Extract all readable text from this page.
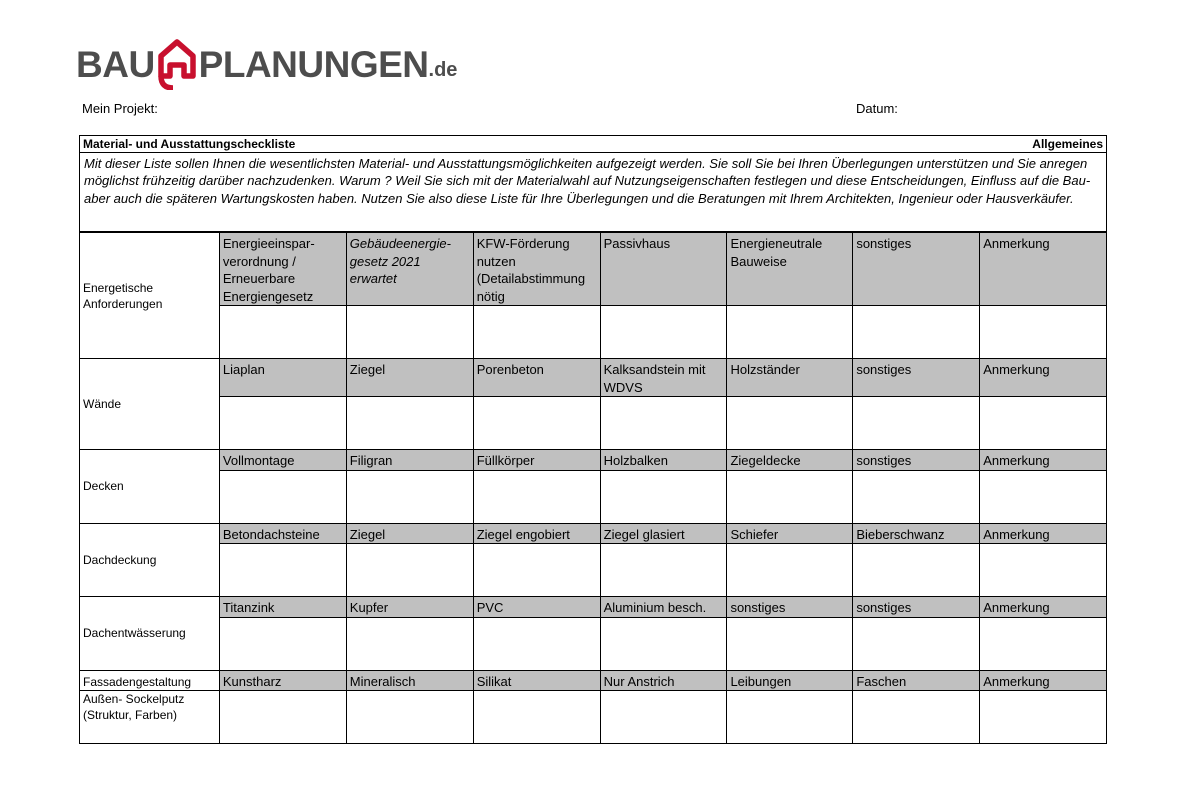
BAU PLANUNGEN .de
Mein Projekt:	Datum:
Material- und Ausstattungscheckliste	Allgemeines
Mit dieser Liste sollen Ihnen die wesentlichsten Material- und Ausstattungsmöglichkeiten aufgezeigt werden. Sie soll Sie bei Ihren Überlegungen unterstützen und Sie anregen möglichst frühzeitig darüber nachzudenken. Warum ? Weil Sie sich mit der Materialwahl auf Nutzungseigenschaften festlegen und diese Entscheidungen, Einfluss auf die Bau- aber auch die späteren Wartungskosten haben. Nutzen Sie also diese Liste für Ihre Überlegungen und die Beratungen mit Ihrem Architekten, Ingenieur oder Hausverkäufer.
Energetische Anforderungen	Energieeinspar-verordnung / Erneuerbare Energiengesetz	Gebäudeenergie-gesetz 2021 erwartet	KFW-Förderung nutzen (Detailabstimmung nötig	Passivhaus	Energieneutrale Bauweise	sonstiges	Anmerkung

Wände	Liaplan	Ziegel	Porenbeton	Kalksandstein mit WDVS	Holzständer	sonstiges	Anmerkung

Decken	Vollmontage	Filigran	Füllkörper	Holzbalken	Ziegeldecke	sonstiges	Anmerkung

Dachdeckung	Betondachsteine	Ziegel	Ziegel engobiert	Ziegel glasiert	Schiefer	Bieberschwanz	Anmerkung

Dachentwässerung	Titanzink	Kupfer	PVC	Aluminium besch.	sonstiges	sonstiges	Anmerkung

Fassadengestaltung	Kunstharz	Mineralisch	Silikat	Nur Anstrich	Leibungen	Faschen	Anmerkung
Außen- Sockelputz (Struktur, Farben)							
